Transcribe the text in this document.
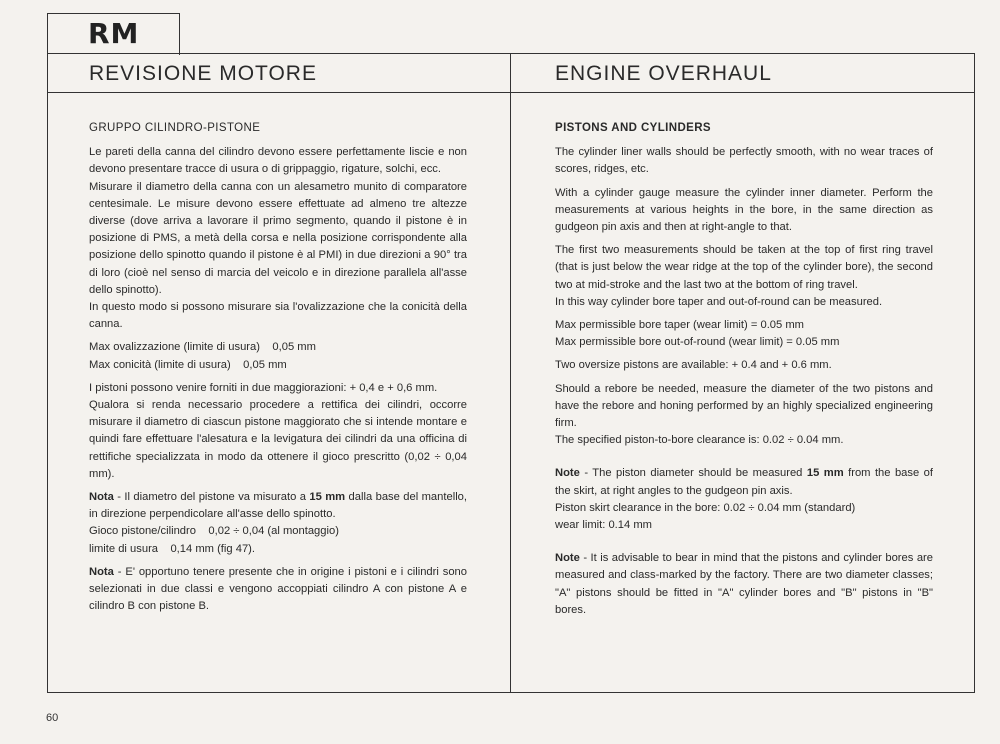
RM
REVISIONE MOTORE	ENGINE OVERHAUL
GRUPPO CILINDRO-PISTONE

Le pareti della canna del cilindro devono essere perfettamente liscie e non devono presentare tracce di usura o di grippaggio, rigature, solchi, ecc.

Misurare il diametro della canna con un alesametro munito di comparatore centesimale. Le misure devono essere effettuate ad almeno tre altezze diverse (dove arriva a lavorare il primo segmento, quando il pistone è in posizione di PMS, a metà della corsa e nella posizione corrispondente alla posizione dello spinotto quando il pistone è al PMI) in due direzioni a 90° tra di loro (cioè nel senso di marcia del veicolo e in direzione parallela all'asse dello spinotto).

In questo modo si possono misurare sia l'ovalizzazione che la conicità della canna.

Max ovalizzazione (limite di usura)    0,05 mm
Max conicità (limite di usura)    0,05 mm

I pistoni possono venire forniti in due maggiorazioni: + 0,4 e + 0,6 mm.

Qualora si renda necessario procedere a rettifica dei cilindri, occorre misurare il diametro di ciascun pistone maggiorato che si intende montare e quindi fare effettuare l'alesatura e la levigatura dei cilindri da una officina di rettifiche specializzata in modo da ottenere il gioco prescritto (0,02 ÷ 0,04 mm).

Nota - Il diametro del pistone va misurato a 15 mm dalla base del mantello, in direzione perpendicolare all'asse dello spinotto.

Gioco pistone/cilindro    0,02 ÷ 0,04 (al montaggio)
limite di usura    0,14 mm (fig 47).

Nota - E' opportuno tenere presente che in origine i pistoni e i cilindri sono selezionati in due classi e vengono accoppiati cilindro A con pistone A e cilindro B con pistone B.

PISTONS AND CYLINDERS

The cylinder liner walls should be perfectly smooth, with no wear traces of scores, ridges, etc.

With a cylinder gauge measure the cylinder inner diameter. Perform the measurements at various heights in the bore, in the same direction as gudgeon pin axis and then at right-angle to that.

The first two measurements should be taken at the top of first ring travel (that is just below the wear ridge at the top of the cylinder bore), the second two at mid-stroke and the last two at the bottom of ring travel.

In this way cylinder bore taper and out-of-round can be measured.

Max permissible bore taper (wear limit) = 0.05 mm
Max permissible bore out-of-round (wear limit) = 0.05 mm

Two oversize pistons are available: + 0.4 and + 0.6 mm.

Should a rebore be needed, measure the diameter of the two pistons and have the rebore and honing performed by an highly specialized engineering firm.

The specified piston-to-bore clearance is: 0.02 ÷ 0.04 mm.

Note - The piston diameter should be measured 15 mm from the base of the skirt, at right angles to the gudgeon pin axis.

Piston skirt clearance in the bore: 0.02 ÷ 0.04 mm (standard)
wear limit: 0.14 mm

Note - It is advisable to bear in mind that the pistons and cylinder bores are measured and class-marked by the factory. There are two diameter classes; "A" pistons should be fitted in "A" cylinder bores and "B" pistons in "B" bores.

60
